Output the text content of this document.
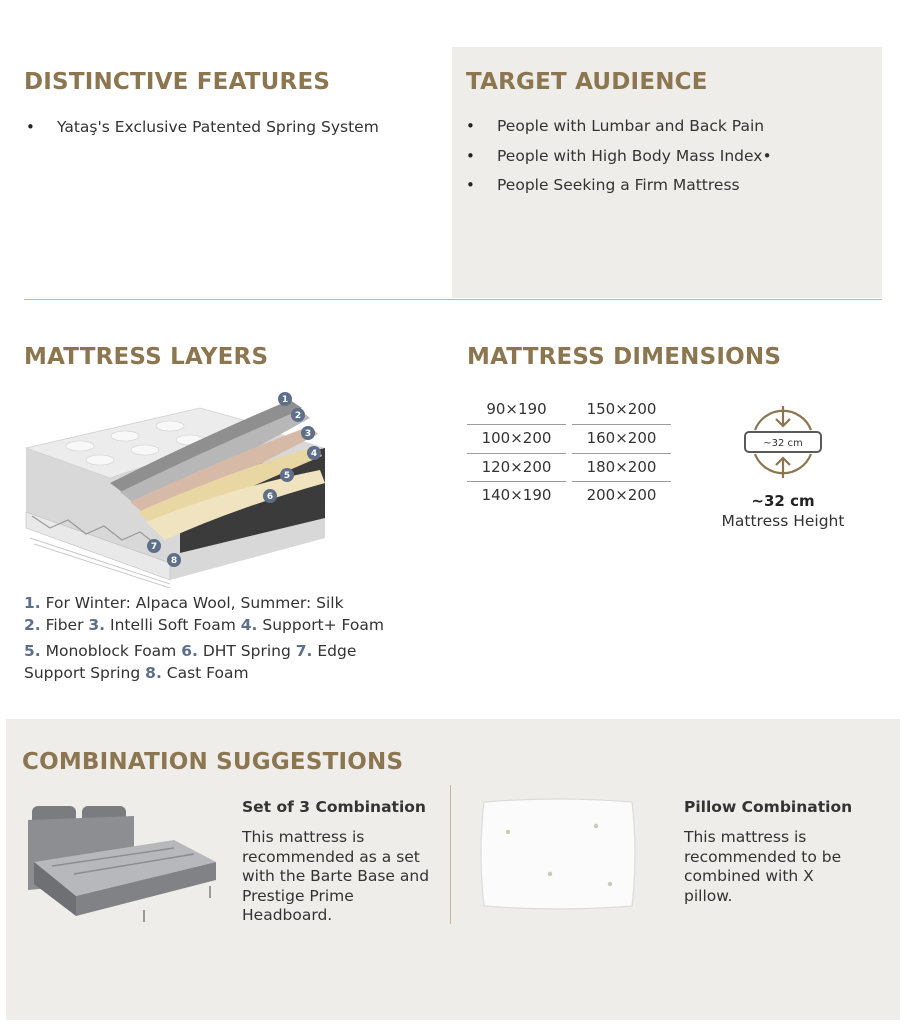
DISTINCTIVE FEATURES
• Yataş's Exclusive Patented Spring System
TARGET AUDIENCE
• People with Lumbar and Back Pain
• People with High Body Mass Index•
• People Seeking a Firm Mattress
MATTRESS LAYERS
1
2
3
4
5
6
7
8
1. For Winter: Alpaca Wool, Summer: Silk
2. Fiber 3. Intelli Soft Foam 4. Support+ Foam
5. Monoblock Foam 6. DHT Spring 7. Edge
Support Spring 8. Cast Foam
MATTRESS DIMENSIONS
90×190
100×200
120×200
140×190
150×200
160×200
180×200
200×200
~32 cm
~32 cm
Mattress Height
COMBINATION SUGGESTIONS
Set of 3 Combination
This mattress is recommended as a set with the Barte Base and Prestige Prime Headboard.
Pillow Combination
This mattress is recommended to be combined with X pillow.
